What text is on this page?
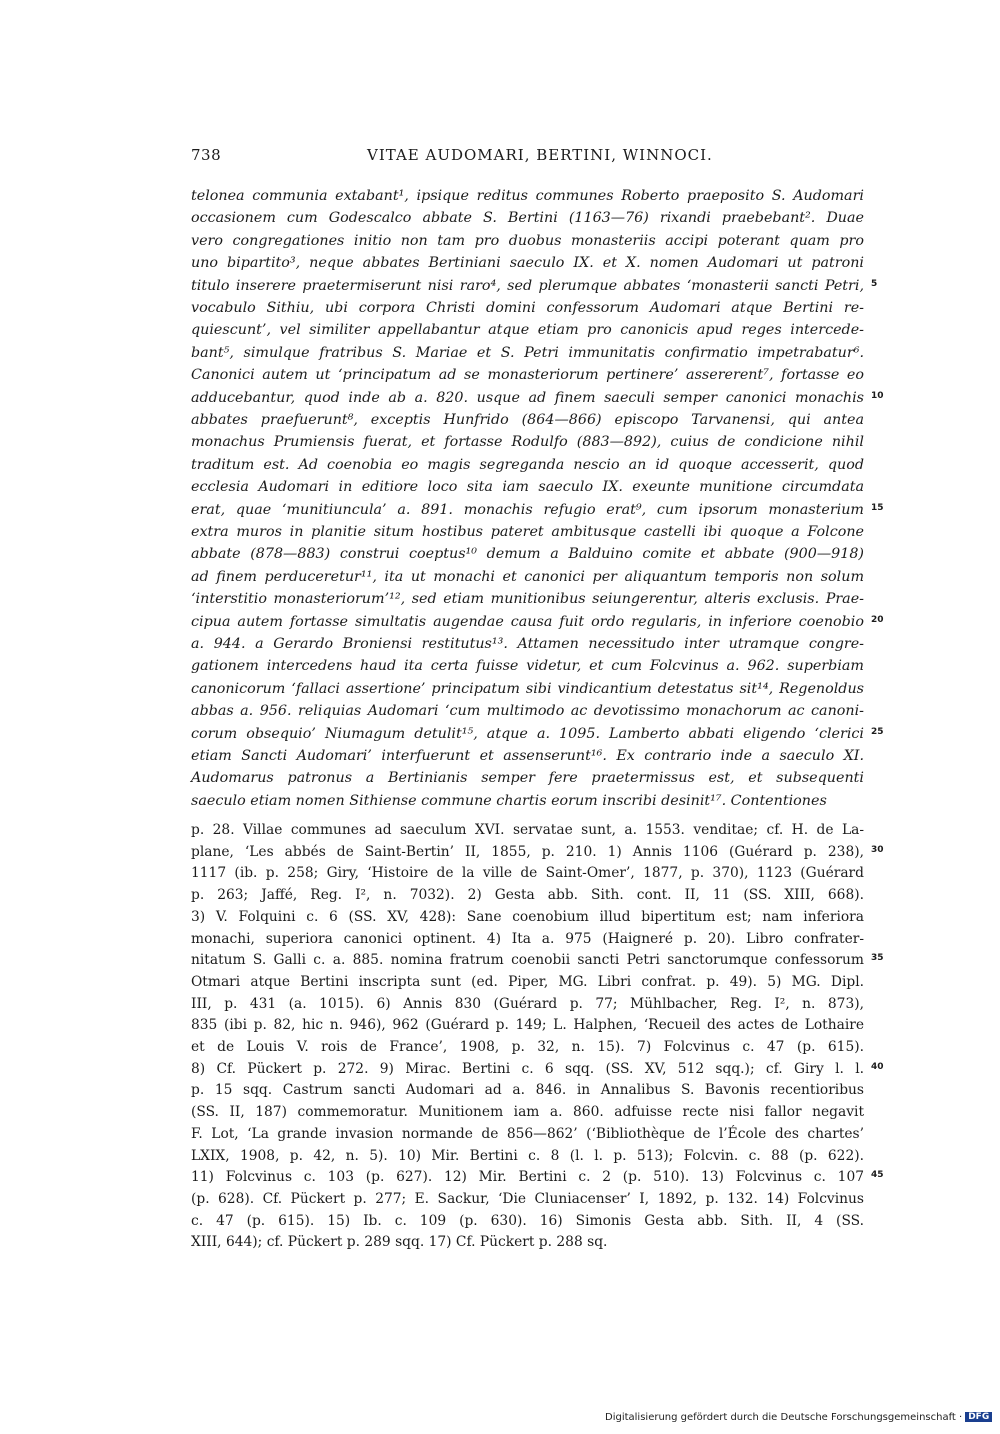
738	VITAE AUDOMARI, BERTINI, WINNOCI.
telonea communia extabant¹, ipsique reditus communes Roberto praeposito S. Audomari
occasionem cum Godescalco abbate S. Bertini (1163—76) rixandi praebebant². Duae
vero congregationes initio non tam pro duobus monasteriis accipi poterant quam pro
uno bipartito³, neque abbates Bertiniani saeculo IX. et X. nomen Audomari ut patroni
titulo inserere praetermiserunt nisi raro⁴, sed plerumque abbates ‘monasterii sancti Petri, 5
vocabulo Sithiu, ubi corpora Christi domini confessorum Audomari atque Bertini re-
quiescunt’, vel similiter appellabantur atque etiam pro canonicis apud reges intercede-
bant⁵, simulque fratribus S. Mariae et S. Petri immunitatis confirmatio impetrabatur⁶.
Canonici autem ut ‘principatum ad se monasteriorum pertinere’ assererent⁷, fortasse eo
adducebantur, quod inde ab a. 820. usque ad finem saeculi semper canonici monachis 10
abbates praefuerunt⁸, exceptis Hunfrido (864—866) episcopo Tarvanensi, qui antea
monachus Prumiensis fuerat, et fortasse Rodulfo (883—892), cuius de condicione nihil
traditum est. Ad coenobia eo magis segreganda nescio an id quoque accesserit, quod
ecclesia Audomari in editiore loco sita iam saeculo IX. exeunte munitione circumdata
erat, quae ‘munitiuncula’ a. 891. monachis refugio erat⁹, cum ipsorum monasterium 15
extra muros in planitie situm hostibus pateret ambitusque castelli ibi quoque a Folcone
abbate (878—883) construi coeptus¹⁰ demum a Balduino comite et abbate (900—918)
ad finem perduceretur¹¹, ita ut monachi et canonici per aliquantum temporis non solum
‘interstitio monasteriorum’¹², sed etiam munitionibus seiungerentur, alteris exclusis. Prae-
cipua autem fortasse simultatis augendae causa fuit ordo regularis, in inferiore coenobio 20
a. 944. a Gerardo Broniensi restitutus¹³. Attamen necessitudo inter utramque congre-
gationem intercedens haud ita certa fuisse videtur, et cum Folcvinus a. 962. superbiam
canonicorum ‘fallaci assertione’ principatum sibi vindicantium detestatus sit¹⁴, Regenoldus
abbas a. 956. reliquias Audomari ‘cum multimodo ac devotissimo monachorum ac canoni-
corum obsequio’ Niumagum detulit¹⁵, atque a. 1095. Lamberto abbati eligendo ‘clerici 25
etiam Sancti Audomari’ interfuerunt et assenserunt¹⁶. Ex contrario inde a saeculo XI.
Audomarus patronus a Bertinianis semper fere praetermissus est, et subsequenti
saeculo etiam nomen Sithiense commune chartis eorum inscribi desinit¹⁷. Contentiones
p. 28. Villae communes ad saeculum XVI. servatae sunt, a. 1553. venditae; cf. H. de La-
plane, ‘Les abbés de Saint-Bertin’ II, 1855, p. 210. 1) Annis 1106 (Guérard p. 238), 30
1117 (ib. p. 258; Giry, ‘Histoire de la ville de Saint-Omer’, 1877, p. 370), 1123 (Guérard
p. 263; Jaffé, Reg. I², n. 7032). 2) Gesta abb. Sith. cont. II, 11 (SS. XIII, 668).
3) V. Folquini c. 6 (SS. XV, 428): Sane coenobium illud bipertitum est; nam inferiora
monachi, superiora canonici optinent. 4) Ita a. 975 (Haigneré p. 20). Libro confrater-
nitatum S. Galli c. a. 885. nomina fratrum coenobii sancti Petri sanctorumque confessorum 35
Otmari atque Bertini inscripta sunt (ed. Piper, MG. Libri confrat. p. 49). 5) MG. Dipl.
III, p. 431 (a. 1015). 6) Annis 830 (Guérard p. 77; Mühlbacher, Reg. I², n. 873),
835 (ibi p. 82, hic n. 946), 962 (Guérard p. 149; L. Halphen, ‘Recueil des actes de Lothaire
et de Louis V. rois de France’, 1908, p. 32, n. 15). 7) Folcvinus c. 47 (p. 615).
8) Cf. Pückert p. 272. 9) Mirac. Bertini c. 6 sqq. (SS. XV, 512 sqq.); cf. Giry l. l. 40
p. 15 sqq. Castrum sancti Audomari ad a. 846. in Annalibus S. Bavonis recentioribus
(SS. II, 187) commemoratur. Munitionem iam a. 860. adfuisse recte nisi fallor negavit
F. Lot, ‘La grande invasion normande de 856—862’ (‘Bibliothèque de l’École des chartes’
LXIX, 1908, p. 42, n. 5). 10) Mir. Bertini c. 8 (l. l. p. 513); Folcvin. c. 88 (p. 622).
11) Folcvinus c. 103 (p. 627). 12) Mir. Bertini c. 2 (p. 510). 13) Folcvinus c. 107 45
(p. 628). Cf. Pückert p. 277; E. Sackur, ‘Die Cluniacenser’ I, 1892, p. 132. 14) Folcvinus
c. 47 (p. 615). 15) Ib. c. 109 (p. 630). 16) Simonis Gesta abb. Sith. II, 4 (SS.
XIII, 644); cf. Pückert p. 289 sqq. 17) Cf. Pückert p. 288 sq.
Digitalisierung gefördert durch die Deutsche Forschungsgemeinschaft · DFG
